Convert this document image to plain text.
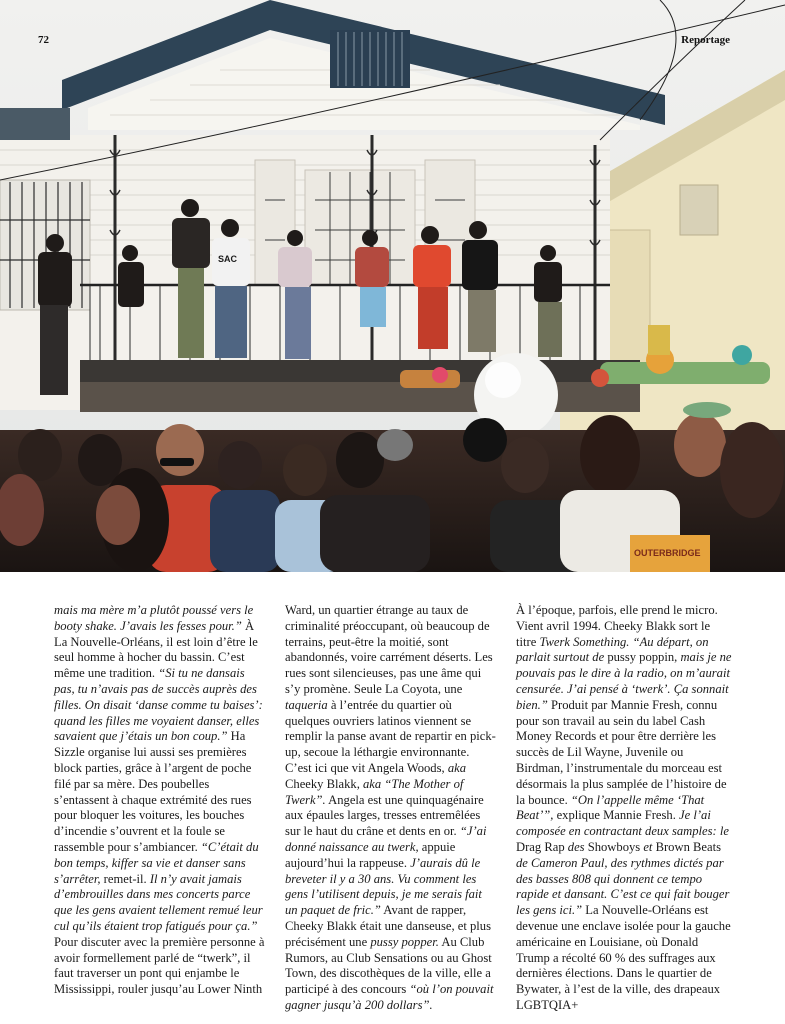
SAC
OUTERBRIDGE
72	Reportage

mais ma mère m’a plutôt poussé vers le booty shake. J’avais les fesses pour.” À La Nouvelle-Orléans, il est loin d’être le seul homme à hocher du bassin. C’est même une tradition. “Si tu ne dansais pas, tu n’avais pas de succès auprès des filles. On disait ‘danse comme tu baises’: quand les filles me voyaient danser, elles savaient que j’étais un bon coup.” Ha Sizzle organise lui aussi ses premières block parties, grâce à l’argent de poche filé par sa mère. Des poubelles s’entassent à chaque extrémité des rues pour bloquer les voitures, les bouches d’incendie s’ouvrent et la foule se rassemble pour s’ambiancer. “C’était du bon temps, kiffer sa vie et danser sans s’arrêter, remet-il. Il n’y avait jamais d’embrouilles dans mes concerts parce que les gens avaient tellement remué leur cul qu’ils étaient trop fatigués pour ça.” Pour discuter avec la première personne à avoir formellement parlé de “twerk”, il faut traverser un pont qui enjambe le Mississippi, rouler jusqu’au Lower Ninth

Ward, un quartier étrange au taux de criminalité préoccupant, où beaucoup de terrains, peut-être la moitié, sont abandonnés, voire carrément déserts. Les rues sont silencieuses, pas une âme qui s’y promène. Seule La Coyota, une taqueria à l’entrée du quartier où quelques ouvriers latinos viennent se remplir la panse avant de repartir en pick-up, secoue la léthargie environnante. C’est ici que vit Angela Woods, aka Cheeky Blakk, aka “The Mother of Twerk”. Angela est une quinquagénaire aux épaules larges, tresses entremêlées sur le haut du crâne et dents en or. “J’ai donné naissance au twerk, appuie aujourd’hui la rappeuse. J’aurais dû le breveter il y a 30 ans. Vu comment les gens l’utilisent depuis, je me serais fait un paquet de fric.” Avant de rapper, Cheeky Blakk était une danseuse, et plus précisément une pussy popper. Au Club Rumors, au Club Sensations ou au Ghost Town, des discothèques de la ville, elle a participé à des concours “où l’on pouvait gagner jusqu’à 200 dollars”.

À l’époque, parfois, elle prend le micro. Vient avril 1994. Cheeky Blakk sort le titre Twerk Something. “Au départ, on parlait surtout de pussy poppin, mais je ne pouvais pas le dire à la radio, on m’aurait censurée. J’ai pensé à ‘twerk’. Ça sonnait bien.” Produit par Mannie Fresh, connu pour son travail au sein du label Cash Money Records et pour être derrière les succès de Lil Wayne, Juvenile ou Birdman, l’instrumentale du morceau est désormais la plus samplée de l’histoire de la bounce. “On l’appelle même ‘That Beat’”, explique Mannie Fresh. Je l’ai composée en contractant deux samples: le Drag Rap des Showboys et Brown Beats de Cameron Paul, des rythmes dictés par des basses 808 qui donnent ce tempo rapide et dansant. C’est ce qui fait bouger les gens ici.” La Nouvelle-Orléans est devenue une enclave isolée pour la gauche américaine en Louisiane, où Donald Trump a récolté 60 % des suffrages aux dernières élections. Dans le quartier de Bywater, à l’est de la ville, des drapeaux LGBTQIA+
